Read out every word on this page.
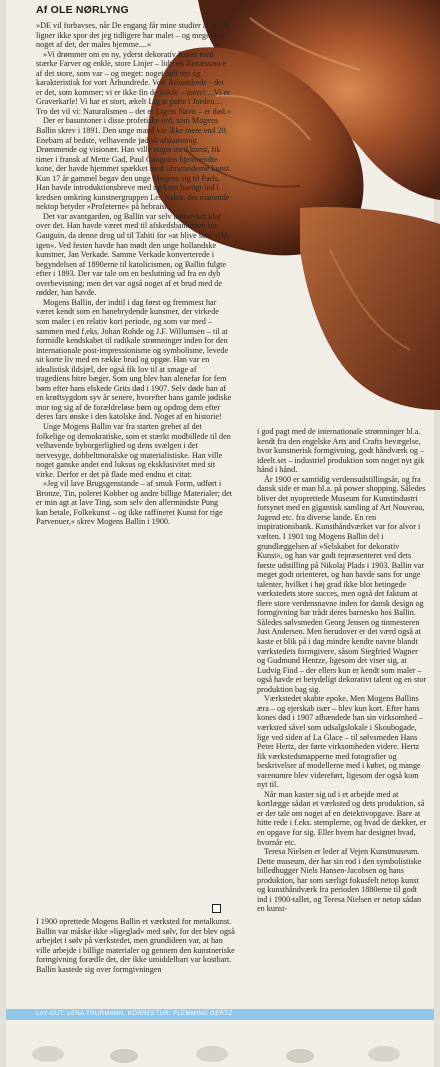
Af OLE NØRLYNG

»DE vil forbavses, når De engang får mine studier at se; de ligner ikke spor det jeg tidligere har malet – og meget lidt noget af det, der males hjemme....«

»Vi drømmer om en ny, yderst dekorativ Kunst med stærke Farver og enkle, store Linjer – lidt: en Renæssance af det store, som var – og meget: noget helt nyt og karakteristisk for vort Århundrede. Vort Århundrede - det er det, som kommer; vi er ikke fin de siècle – mere! ...Vi er Graverkarle! Vi har et stort, ækelt Lig at putte i Jorden.... Tro det vil vi: Naturalismen – det er Ligets Navn – er død.«

Der er basuntoner i disse profetiske ord, som Mogens Ballin skrev i 1891. Den unge mand var ikke mere end 20. Enebarn af bedste, velhavende jødisk afstamning. Drømmende og visionær. Han ville noget med kunst, fik timer i fransk af Mette Gad, Paul Gauguins hjemvendte kone, der havde hjemmet spækket med ultramoderne kunst. Kun 17 år gammel begav den unge Mogens sig til Paris. Han havde introduktionsbreve med og kom hurtigt ind i kredsen omkring kunstnergruppen Les Nabis, der manende nektop betyder »Profeterne« på hebraisk.

Det var avantgarden, og Ballin var selv udmærket klar over det. Han havde været med til afskedsbanketten for Gauguin, da denne drog ud til Tahiti for »at blive som vild igen«. Ved festen havde han mødt den unge hollandske kunstner, Jan Verkade. Samme Verkade konverterede i begyndelsen af 1890erne til katolicismen, og Ballin fulgte efter i 1893. Der var tale om en beslutning ud fra en dyb overbevisning; men det var også noget af et brud med de rødder, han havde.

Mogens Ballin, der indtil i dag først og fremmest har været kendt som en banebrydende kunstner, der virkede som maler i en relativ kort periode, og som var med – sammen med f.eks. Johan Rohde og J.F. Willumsen – til at formidle kendskabet til radikale strømninger inden for den internationale post-impressionisme og symbolisme, levede sit korte liv med en række brud og opgør. Han var en idealistisk ildsjæl, der også fik lov til at smage af tragediens bitre bæger. Som ung blev han alenefar for fem børn efter hans elskede Grits død i 1907. Selv døde han af en krøftsygdom syv år senere, hvorefter hans gamle jødiske mor tog sig af de forældreløse børn og opdrog dem efter deres fars ønske i den katolske ånd. Noget af en historie!

Unge Mogens Ballin var fra starten grebet af det folkelige og demokratiske, som et stærkt modbillede til den velhavende byborgerlighed og dens svælgen i det nervesyge, dobbeltmoralske og materialistiske. Han ville noget ganske andet end luksus og eksklusivitet med sit virke. Derfor er det på flade med endnu et citat:

»Jeg vil lave Brugsgenstande – af smuk Form, udført i Bronze, Tin, poleret Kobber og andre billige Materialer; det er min agt at lave Ting, som selv den allermindste Pung kan betale, Folkekunst – og ikke raffineret Kunst for rige Parvenuer,« skrev Mogens Ballin i 1900.

i god pagt med de internationale strømninger bl.a. kendt fra den engelske Arts and Crafts bevægelse, hvor kunstnerisk formgivning, godt håndværk og – ideelt set – industriel produktion som noget nyt gik hånd i hånd.

År 1900 er samtidig verdensudstillingsår, og fra dansk side er man bl.a. på power shopping. Således bliver det nyoprettede Museum for Kunstindustri forsynet med en gigantisk samling af Art Nouveau, Jugend etc. fra diverse lande. En ren inspirationsbank. Kunsthåndværket var for alvor i vælten. I 1901 tog Mogens Ballin del i grundlæggelsen af »Selskabet for dekorativ Kunst«, og han var godt repræsenteret ved dets første udstilling på Nikolaj Plads i 1903. Ballin var meget godt orienteret, og han havde sans for unge talenter, hvilket i høj grad ikke blot betingede værkstedets store succes, men også det faktum at flere store verdensnavne inden for dansk design og formgivning har trådt deres barnesko hos Ballin. Således sølvsmeden Georg Jensen og tinmesteren Just Andersen. Men herudover er det værd også at kaste et blik på i dag mindre kendte navne blandt værkstedets formgivere, såsom Siegfried Wagner og Gudmund Hentze, ligesom det viser sig, at Ludvig Find – der ellers kun er kendt som maler – også havde et betydeligt dekorativt talent og en stor produktion bag sig.

Værkstedet skabte epoke. Men Mogens Ballins æra – og ejerskab især – blev kun kort. Efter hans kones død i 1907 afhændede han sin virksomhed – værksted såvel som udsalgslokale i Skoubogade, lige ved siden af La Glace – til sølvsmeden Hans Peter Hertz, der førte virksomheden videre. Hertz fik værkstedsmapperne med fotografier og beskrivelser af modellerne med i købet, og mange varenumre blev videreført, ligesom der også kom nyt til.

Når man kaster sig ud i et arbejde med at kortlægge sådan et værksted og dets produktion, så er der tale om noget af en detektivopgave. Bare at hitte rede i f.eks. stemplerne, og hvad de dækker, er en opgave for sig. Eller hvem har designet hvad, hvornår etc.

Teresa Nielsen er leder af Vejen Kunstmuseum. Dette museum, der har sin rod i den symbolistiske billedhugger Niels Hansen-Jacobsen og hans produktion, har som særligt fokusfelt netop kunst og kunsthåndværk fra perioden 1880erne til godt ind i 1900-tallet, og Teresa Nielsen er netop sådan en kunst-

I 1900 oprettede Mogens Ballin et værksted for metalkunst. Ballin var måske ikke »ligeglad« med sølv, for der blev også arbejdet i sølv på værkstedet, men grundideen var, at han ville arbejde i billige materialer og gennem den kunstneriske formgivning forædle det, der ikke umiddelbart var kostbart. Ballin kastede sig over formgivningen

LAY-OUT: LENA THURMANN. KORREKTUR: FLEMMING GERTZ
